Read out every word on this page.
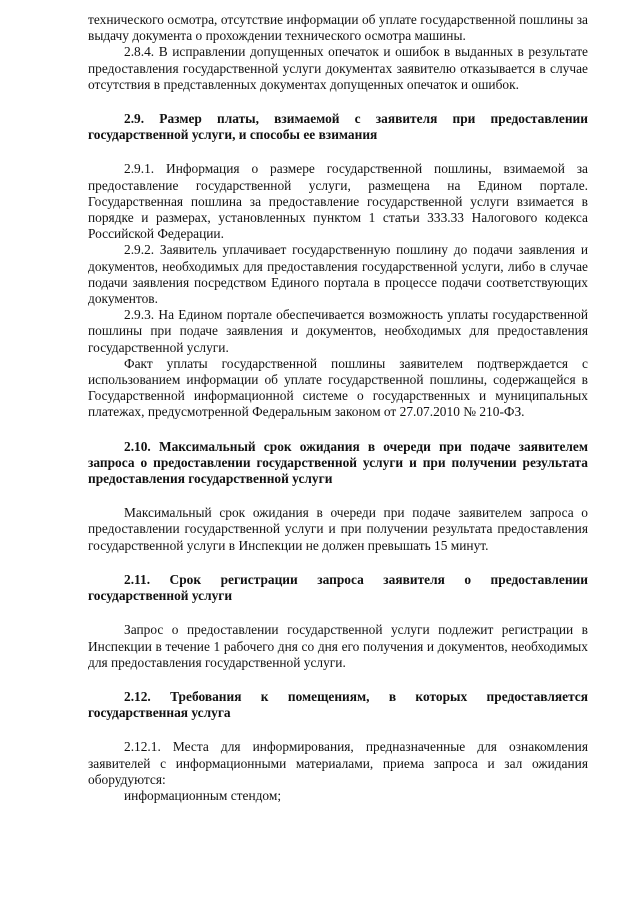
технического осмотра, отсутствие информации об уплате государственной пошлины за выдачу документа о прохождении технического осмотра машины.

2.8.4. В исправлении допущенных опечаток и ошибок в выданных в результате предоставления государственной услуги документах заявителю отказывается в случае отсутствия в представленных документах допущенных опечаток и ошибок.

2.9. Размер платы, взимаемой с заявителя при предоставлении государственной услуги, и способы ее взимания

2.9.1. Информация о размере государственной пошлины, взимаемой за предоставление государственной услуги, размещена на Едином портале. Государственная пошлина за предоставление государственной услуги взимается в порядке и размерах, установленных пунктом 1 статьи 333.33 Налогового кодекса Российской Федерации.

2.9.2. Заявитель уплачивает государственную пошлину до подачи заявления и документов, необходимых для предоставления государственной услуги, либо в случае подачи заявления посредством Единого портала в процессе подачи соответствующих документов.

2.9.3. На Едином портале обеспечивается возможность уплаты государственной пошлины при подаче заявления и документов, необходимых для предоставления государственной услуги.

Факт уплаты государственной пошлины заявителем подтверждается с использованием информации об уплате государственной пошлины, содержащейся в Государственной информационной системе о государственных и муниципальных платежах, предусмотренной Федеральным законом от 27.07.2010 № 210-ФЗ.

2.10. Максимальный срок ожидания в очереди при подаче заявителем запроса о предоставлении государственной услуги и при получении результата предоставления государственной услуги

Максимальный срок ожидания в очереди при подаче заявителем запроса о предоставлении государственной услуги и при получении результата предоставления государственной услуги в Инспекции не должен превышать 15 минут.

2.11. Срок регистрации запроса заявителя о предоставлении государственной услуги

Запрос о предоставлении государственной услуги подлежит регистрации в Инспекции в течение 1 рабочего дня со дня его получения и документов, необходимых для предоставления государственной услуги.

2.12. Требования к помещениям, в которых предоставляется государственная услуга

2.12.1. Места для информирования, предназначенные для ознакомления заявителей с информационными материалами, приема запроса и зал ожидания оборудуются:

информационным стендом;
